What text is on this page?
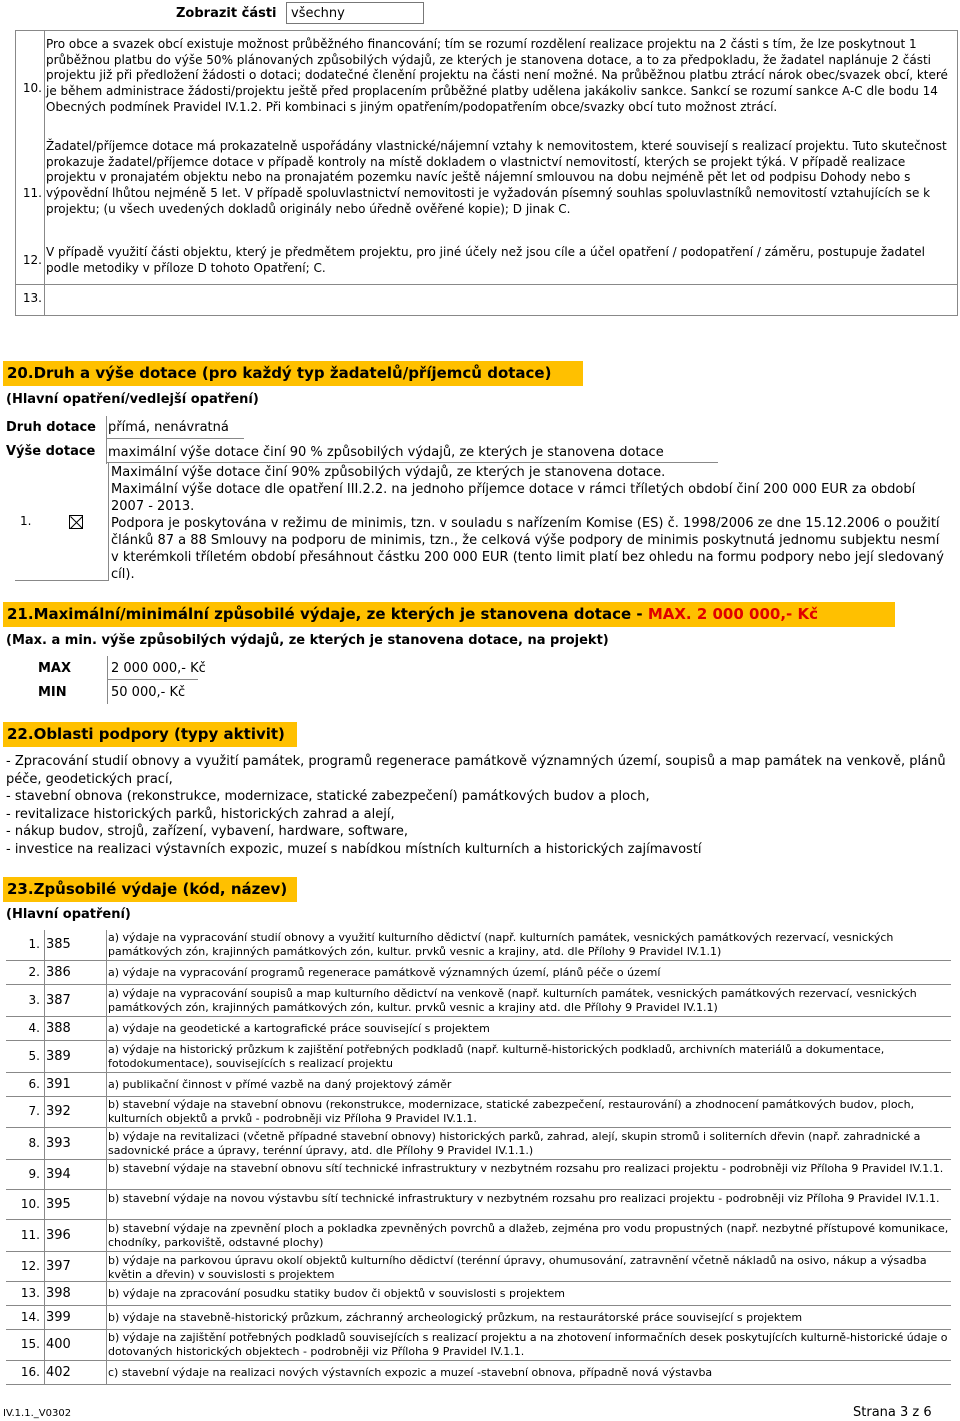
Zobrazit části	všechny
10.
Pro obce a svazek obcí existuje možnost průběžného financování; tím se rozumí rozdělení realizace projektu na 2 části s tím, že lze poskytnout 1 průběžnou platbu do výše 50% plánovaných způsobilých výdajů, ze kterých je stanovena dotace, a to za předpokladu, že žadatel naplánuje 2 části projektu již při předložení žádosti o dotaci; dodatečné členění projektu na části není možné. Na průběžnou platbu ztrácí nárok obec/svazek obcí, které je během administrace žádosti/projektu ještě před proplacením průběžné platby udělena jakákoliv sankce. Sankcí se rozumí sankce A-C dle bodu 14 Obecných podmínek Pravidel IV.1.2. Při kombinaci s jiným opatřením/podopatřením obce/svazky obcí tuto možnost ztrácí.
11.
Žadatel/příjemce dotace má prokazatelně uspořádány vlastnické/nájemní vztahy k nemovitostem, které souvisejí s realizací projektu. Tuto skutečnost prokazuje žadatel/příjemce dotace v případě kontroly na místě dokladem o vlastnictví nemovitostí, kterých se projekt týká. V případě realizace projektu v pronajatém objektu nebo na pronajatém pozemku navíc ještě nájemní smlouvou na dobu nejméně pět let od podpisu Dohody nebo s výpovědní lhůtou nejméně 5 let. V případě spoluvlastnictví nemovitosti je vyžadován písemný souhlas spoluvlastníků nemovitostí vztahujících se k projektu; (u všech uvedených dokladů originály nebo úředně ověřené kopie); D jinak C.
12.
V případě využití části objektu, který je předmětem projektu, pro jiné účely než jsou cíle a účel opatření / podopatření / záměru, postupuje žadatel podle metodiky v příloze D tohoto Opatření; C.
13.
20.Druh a výše dotace (pro každý typ žadatelů/příjemců dotace)
(Hlavní opatření/vedlejší opatření)
Druh dotace přímá, nenávratná
Výše dotace maximální výše dotace činí 90 % způsobilých výdajů, ze kterých je stanovena dotace
1.
Maximální výše dotace činí 90% způsobilých výdajů, ze kterých je stanovena dotace.
Maximální výše dotace dle opatření III.2.2. na jednoho příjemce dotace v rámci tříletých období činí 200 000 EUR za období 2007 - 2013.
Podpora je poskytována v režimu de minimis, tzn. v souladu s nařízením Komise (ES) č. 1998/2006 ze dne 15.12.2006 o použití článků 87 a 88 Smlouvy na podporu de minimis, tzn., že celková výše podpory de minimis poskytnutá jednomu subjektu nesmí v kterémkoli tříletém období přesáhnout částku 200 000 EUR (tento limit platí bez ohledu na formu podpory nebo její sledovaný cíl).
21.Maximální/minimální způsobilé výdaje, ze kterých je stanovena dotace - MAX. 2 000 000,- Kč
(Max. a min. výše způsobilých výdajů, ze kterých je stanovena dotace, na projekt)
MAX	2 000 000,- Kč
MIN	50 000,- Kč
22.Oblasti podpory (typy aktivit)
- Zpracování studií obnovy a využití památek, programů regenerace památkově významných území, soupisů a map památek na venkově, plánů péče, geodetických prací,
- stavební obnova (rekonstrukce, modernizace, statické zabezpečení) památkových budov a ploch,
- revitalizace historických parků, historických zahrad a alejí,
- nákup budov, strojů, zařízení, vybavení, hardware, software,
- investice na realizaci výstavních expozic, muzeí s nabídkou místních kulturních a historických zajímavostí
23.Způsobilé výdaje (kód, název)
(Hlavní opatření)
1. 385	a) výdaje na vypracování studií obnovy a využití kulturního dědictví (např. kulturních památek, vesnických památkových rezervací, vesnických památkových zón, krajinných památkových zón, kultur. prvků vesnic a krajiny, atd. dle Přílohy 9 Pravidel IV.1.1)
2. 386	a) výdaje na vypracování programů regenerace památkově významných území, plánů péče o území
3. 387	a) výdaje na vypracování soupisů a map kulturního dědictví na venkově (např. kulturních památek, vesnických památkových rezervací, vesnických památkových zón, krajinných památkových zón, kultur. prvků vesnic a krajiny atd. dle Přílohy 9 Pravidel IV.1.1)
4. 388	a) výdaje na geodetické a kartografické práce související s projektem
5. 389	a) výdaje na historický průzkum k zajištění potřebných podkladů (např. kulturně-historických podkladů, archivních materiálů a dokumentace, fotodokumentace), souvisejících s realizací projektu
6. 391	a) publikační činnost v přímé vazbě na daný projektový záměr
7. 392	b) stavební výdaje na stavební obnovu (rekonstrukce, modernizace, statické zabezpečení, restaurování) a zhodnocení památkových budov, ploch, kulturních objektů a prvků - podrobněji viz Příloha 9 Pravidel IV.1.1.
8. 393	b) výdaje na revitalizaci (včetně případné stavební obnovy) historických parků, zahrad, alejí, skupin stromů i soliterních dřevin (např. zahradnické a sadovnické práce a úpravy, terénní úpravy, atd. dle Přílohy 9 Pravidel IV.1.1.)
9. 394	b) stavební výdaje na stavební obnovu sítí technické infrastruktury v nezbytném rozsahu pro realizaci projektu - podrobněji viz Příloha 9 Pravidel IV.1.1.
10. 395	b) stavební výdaje na novou výstavbu sítí technické infrastruktury v nezbytném rozsahu pro realizaci projektu - podrobněji viz Příloha 9 Pravidel IV.1.1.
11. 396	b) stavební výdaje na zpevnění ploch a pokladka zpevněných povrchů a dlažeb, zejména pro vodu propustných (např. nezbytné přístupové komunikace, chodníky, parkoviště, odstavné plochy)
12. 397	b) výdaje na parkovou úpravu okolí objektů kulturního dědictví (terénní úpravy, ohumusování, zatravnění včetně nákladů na osivo, nákup a výsadba květin a dřevin) v souvislosti s projektem
13. 398	b) výdaje na zpracování posudku statiky budov či objektů v souvislosti s projektem
14. 399	b) výdaje na stavebně-historický průzkum, záchranný archeologický průzkum, na restaurátorské práce související s projektem
15. 400	b) výdaje na zajištění potřebných podkladů souvisejících s realizací projektu a na zhotovení informačních desek poskytujících kulturně-historické údaje o dotovaných historických objektech - podrobněji viz Příloha 9 Pravidel IV.1.1.
16. 402	c) stavební výdaje na realizaci nových výstavních expozic a muzeí -stavební obnova, případně nová výstavba
IV.1.1._V0302	Strana 3 z 6
